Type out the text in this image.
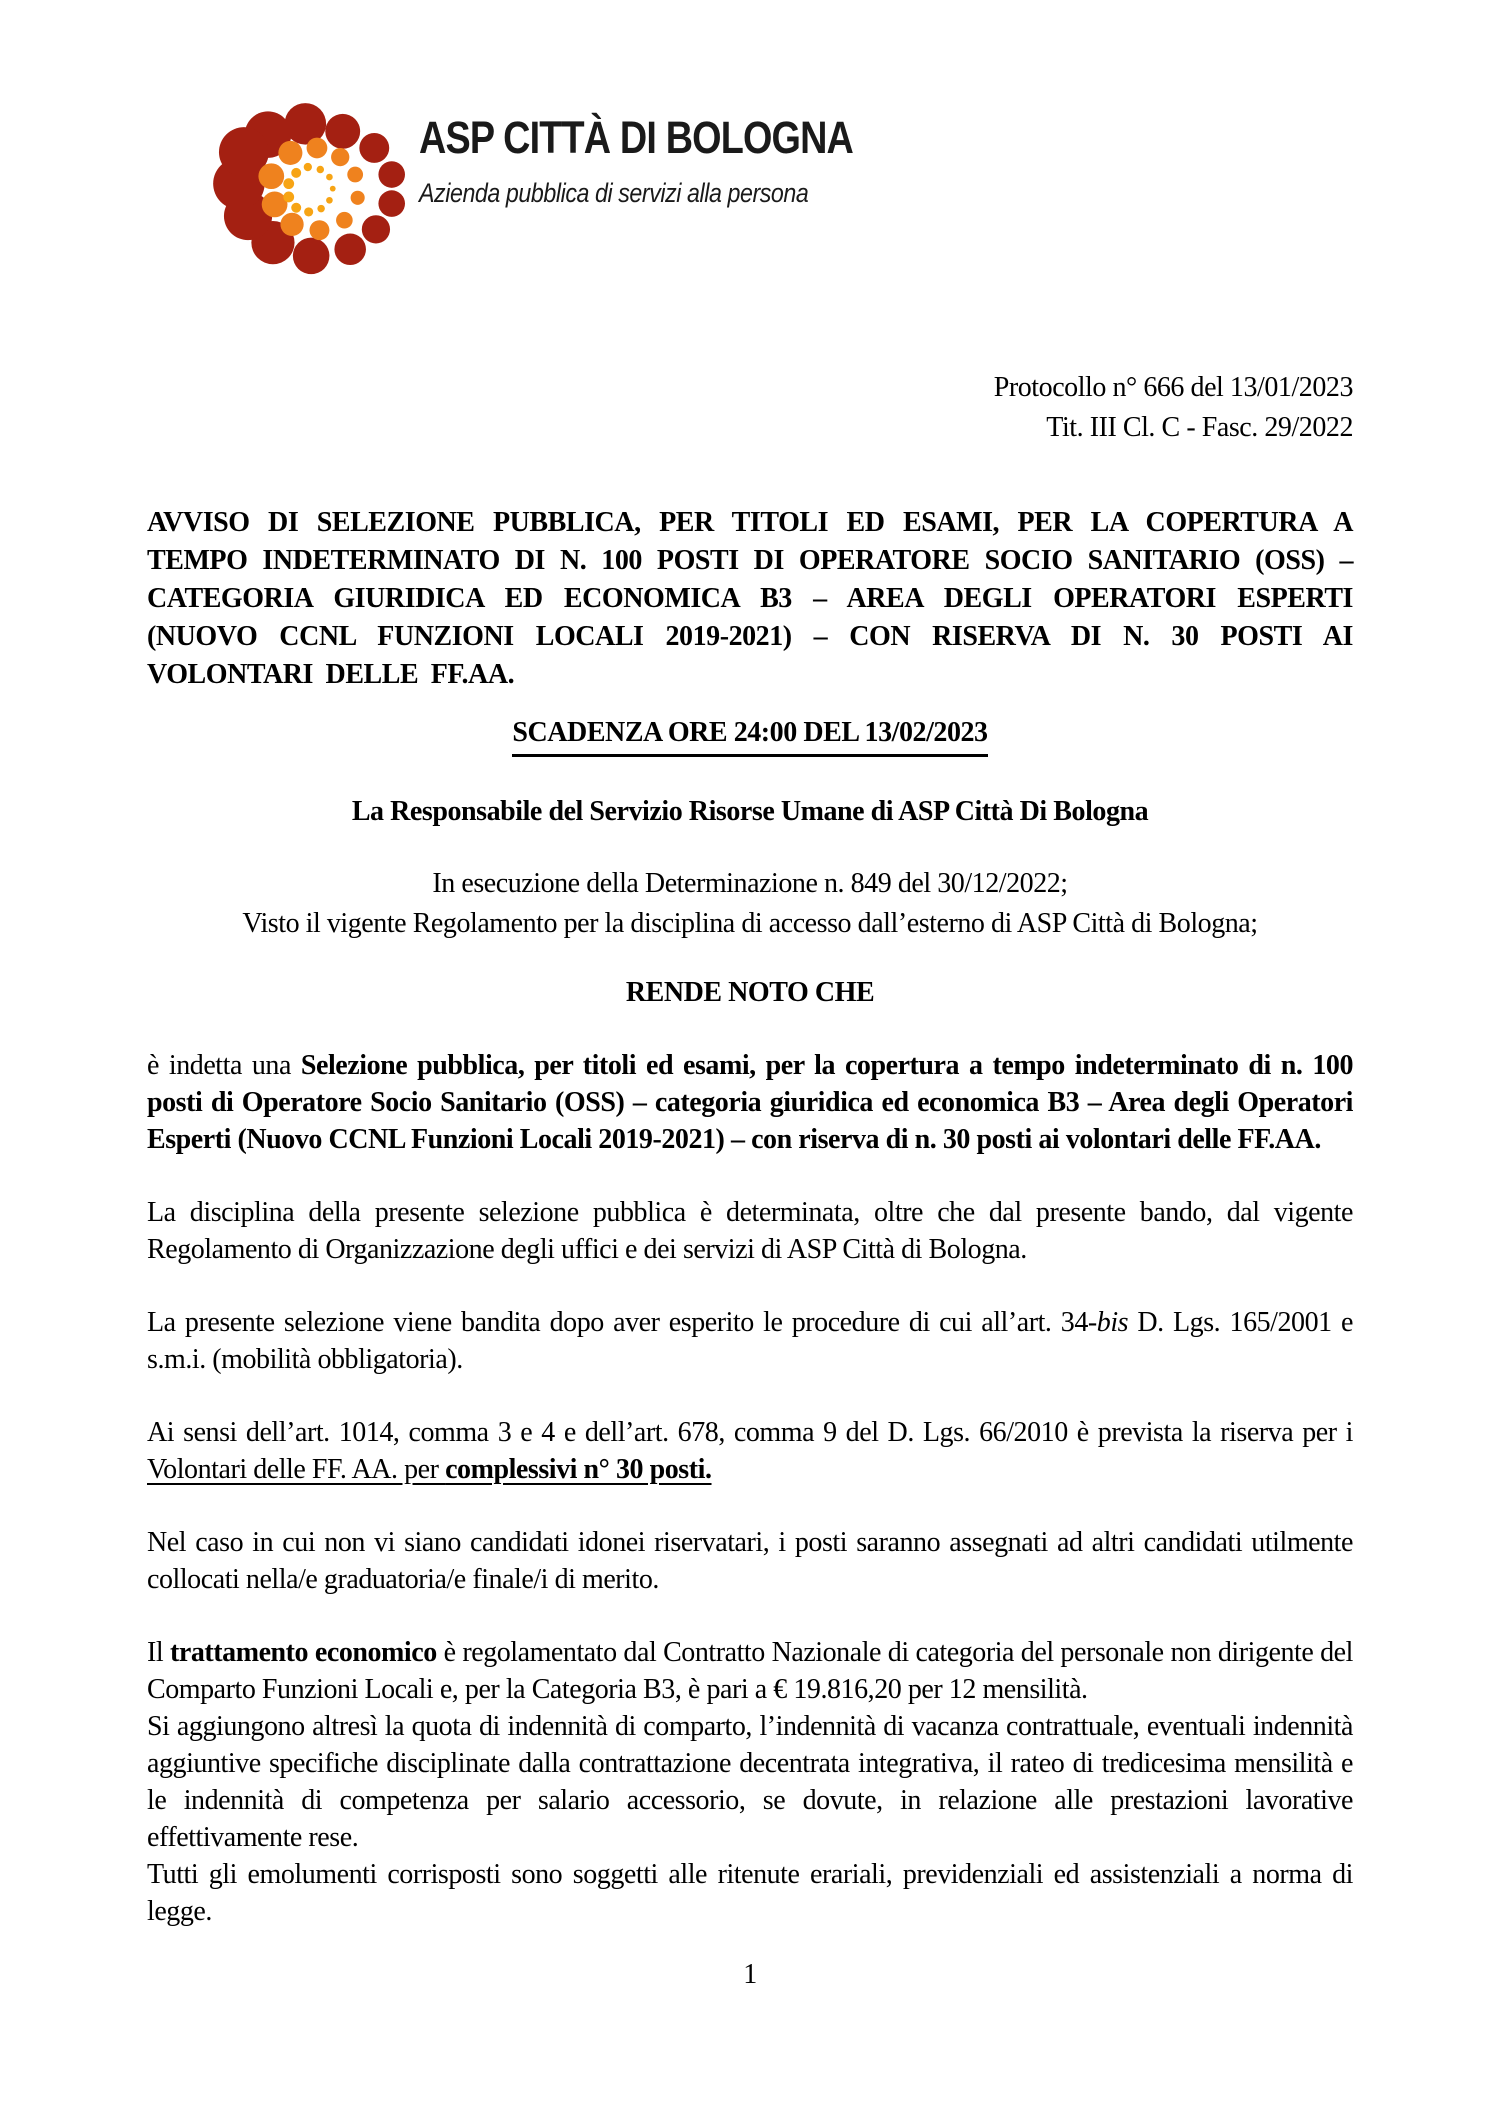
ASP CITTÀ DI BOLOGNA
Azienda pubblica di servizi alla persona
Protocollo n° 666 del 13/01/2023
Tit. III Cl. C - Fasc. 29/2022
AVVISO DI SELEZIONE PUBBLICA, PER TITOLI ED ESAMI, PER LA COPERTURA A TEMPO INDETERMINATO DI N. 100 POSTI DI OPERATORE SOCIO SANITARIO (OSS) – CATEGORIA GIURIDICA ED ECONOMICA B3 – AREA DEGLI OPERATORI ESPERTI (NUOVO CCNL FUNZIONI LOCALI 2019-2021) – CON RISERVA DI N. 30 POSTI AI VOLONTARI DELLE FF.AA.
SCADENZA ORE 24:00 DEL 13/02/2023
La Responsabile del Servizio Risorse Umane di ASP Città Di Bologna
In esecuzione della Determinazione n. 849 del 30/12/2022;
Visto il vigente Regolamento per la disciplina di accesso dall’esterno di ASP Città di Bologna;
RENDE NOTO CHE

è indetta una Selezione pubblica, per titoli ed esami, per la copertura a tempo indeterminato di n. 100 posti di Operatore Socio Sanitario (OSS) – categoria giuridica ed economica B3 – Area degli Operatori Esperti (Nuovo CCNL Funzioni Locali 2019-2021) – con riserva di n. 30 posti ai volontari delle FF.AA.

La disciplina della presente selezione pubblica è determinata, oltre che dal presente bando, dal vigente Regolamento di Organizzazione degli uffici e dei servizi di ASP Città di Bologna.

La presente selezione viene bandita dopo aver esperito le procedure di cui all’art. 34-bis D. Lgs. 165/2001 e s.m.i. (mobilità obbligatoria).

Ai sensi dell’art. 1014, comma 3 e 4 e dell’art. 678, comma 9 del D. Lgs. 66/2010 è prevista la riserva per i Volontari delle FF. AA. per complessivi n° 30 posti.

Nel caso in cui non vi siano candidati idonei riservatari, i posti saranno assegnati ad altri candidati utilmente collocati nella/e graduatoria/e finale/i di merito.

Il trattamento economico è regolamentato dal Contratto Nazionale di categoria del personale non dirigente del Comparto Funzioni Locali e, per la Categoria B3, è pari a € 19.816,20 per 12 mensilità.

Si aggiungono altresì la quota di indennità di comparto, l’indennità di vacanza contrattuale, eventuali indennità aggiuntive specifiche disciplinate dalla contrattazione decentrata integrativa, il rateo di tredicesima mensilità e le indennità di competenza per salario accessorio, se dovute, in relazione alle prestazioni lavorative effettivamente rese.

Tutti gli emolumenti corrisposti sono soggetti alle ritenute erariali, previdenziali ed assistenziali a norma di legge.

1
